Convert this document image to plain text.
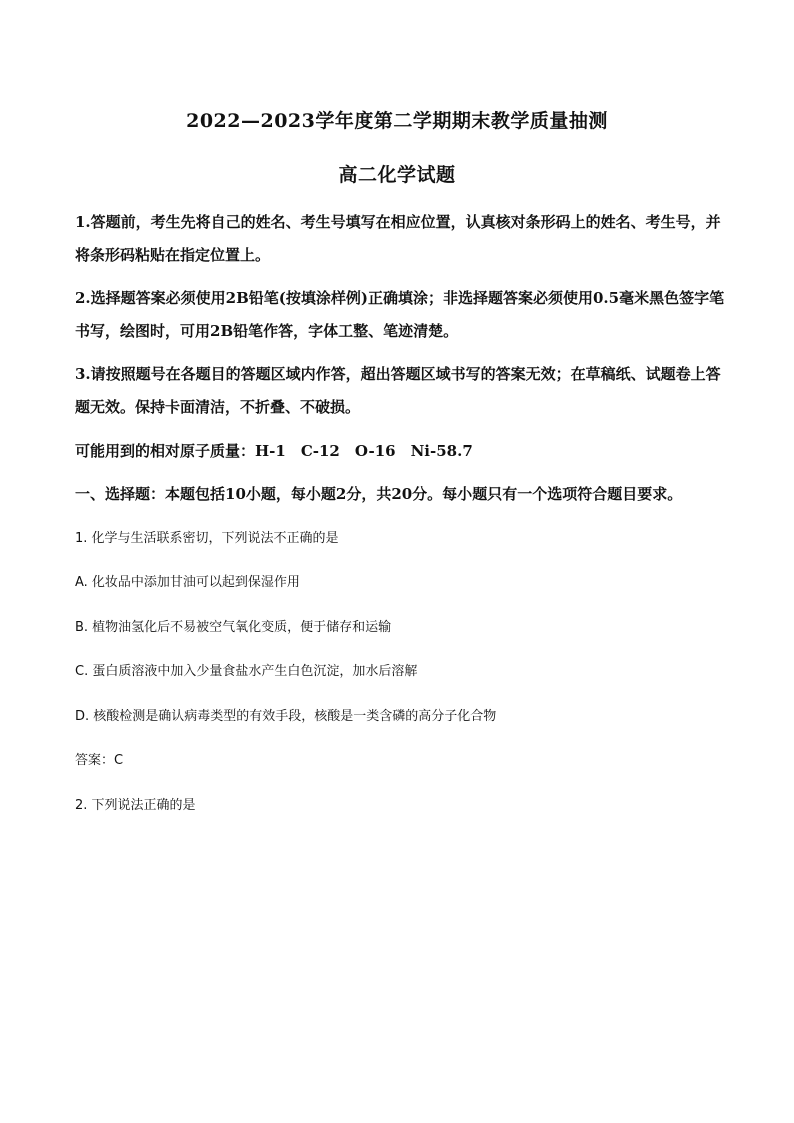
2022—2023学年度第二学期期末教学质量抽测
高二化学试题
1.答题前，考生先将自己的姓名、考生号填写在相应位置，认真核对条形码上的姓名、考生号，并将条形码粘贴在指定位置上。
2.选择题答案必须使用2B铅笔(按填涂样例)正确填涂；非选择题答案必须使用0.5毫米黑色签字笔书写，绘图时，可用2B铅笔作答，字体工整、笔迹清楚。
3.请按照题号在各题目的答题区域内作答，超出答题区域书写的答案无效；在草稿纸、试题卷上答题无效。保持卡面清洁，不折叠、不破损。
可能用到的相对原子质量：H-1　C-12　O-16　Ni-58.7
一、选择题：本题包括10小题，每小题2分，共20分。每小题只有一个选项符合题目要求。
1. 化学与生活联系密切，下列说法不正确的是
A. 化妆品中添加甘油可以起到保湿作用
B. 植物油氢化后不易被空气氧化变质，便于储存和运输
C. 蛋白质溶液中加入少量食盐水产生白色沉淀，加水后溶解
D. 核酸检测是确认病毒类型的有效手段，核酸是一类含磷的高分子化合物
答案：C
2. 下列说法正确的是
